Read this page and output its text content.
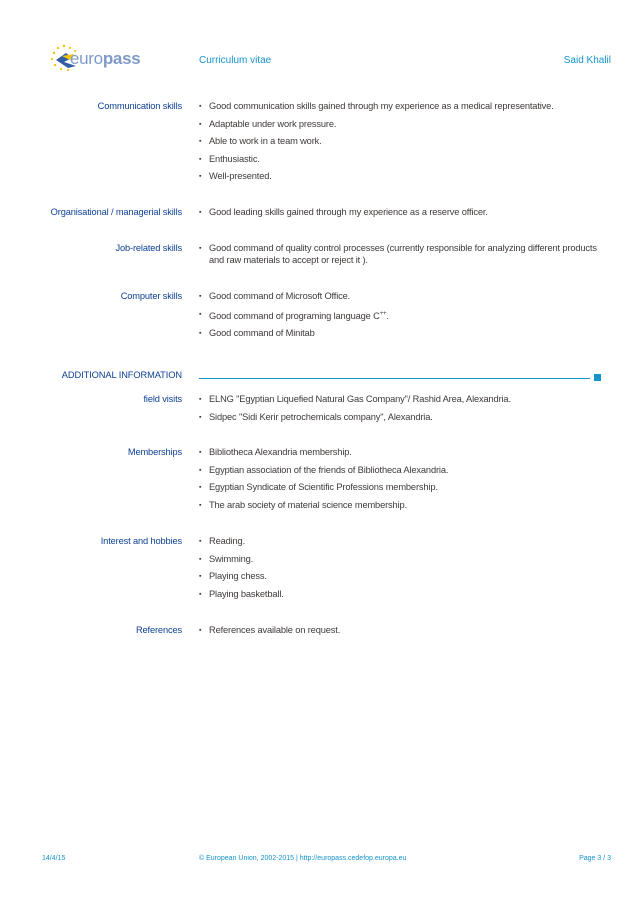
europass	Curriculum vitae	Said Khalil
Communication skills	▪ Good communication skills gained through my experience as a medical representative.
▪ Adaptable under work pressure.
▪ Able to work in a team work.
▪ Enthusiastic.
▪ Well-presented.
Organisational / managerial skills	▪ Good leading skills gained through my experience as a reserve officer.
Job-related skills	▪ Good command of quality control processes (currently responsible for analyzing different products and raw materials to accept or reject it ).
Computer skills	▪ Good command of Microsoft Office.
▪ Good command of programing language C++.
▪ Good command of Minitab
ADDITIONAL INFORMATION
field visits	▪ ELNG "Egyptian Liquefied Natural Gas Company"/ Rashid Area, Alexandria.
▪ Sidpec "Sidi Kerir petrochemicals company", Alexandria.
Memberships	▪ Bibliotheca Alexandria membership.
▪ Egyptian association of the friends of Bibliotheca Alexandria.
▪ Egyptian Syndicate of Scientific Professions membership.
▪ The arab society of material science membership.
Interest and hobbies	▪ Reading.
▪ Swimming.
▪ Playing chess.
▪ Playing basketball.
References	▪ References available on request.
14/4/15	© European Union, 2002-2015 | http://europass.cedefop.europa.eu	Page 3 / 3
